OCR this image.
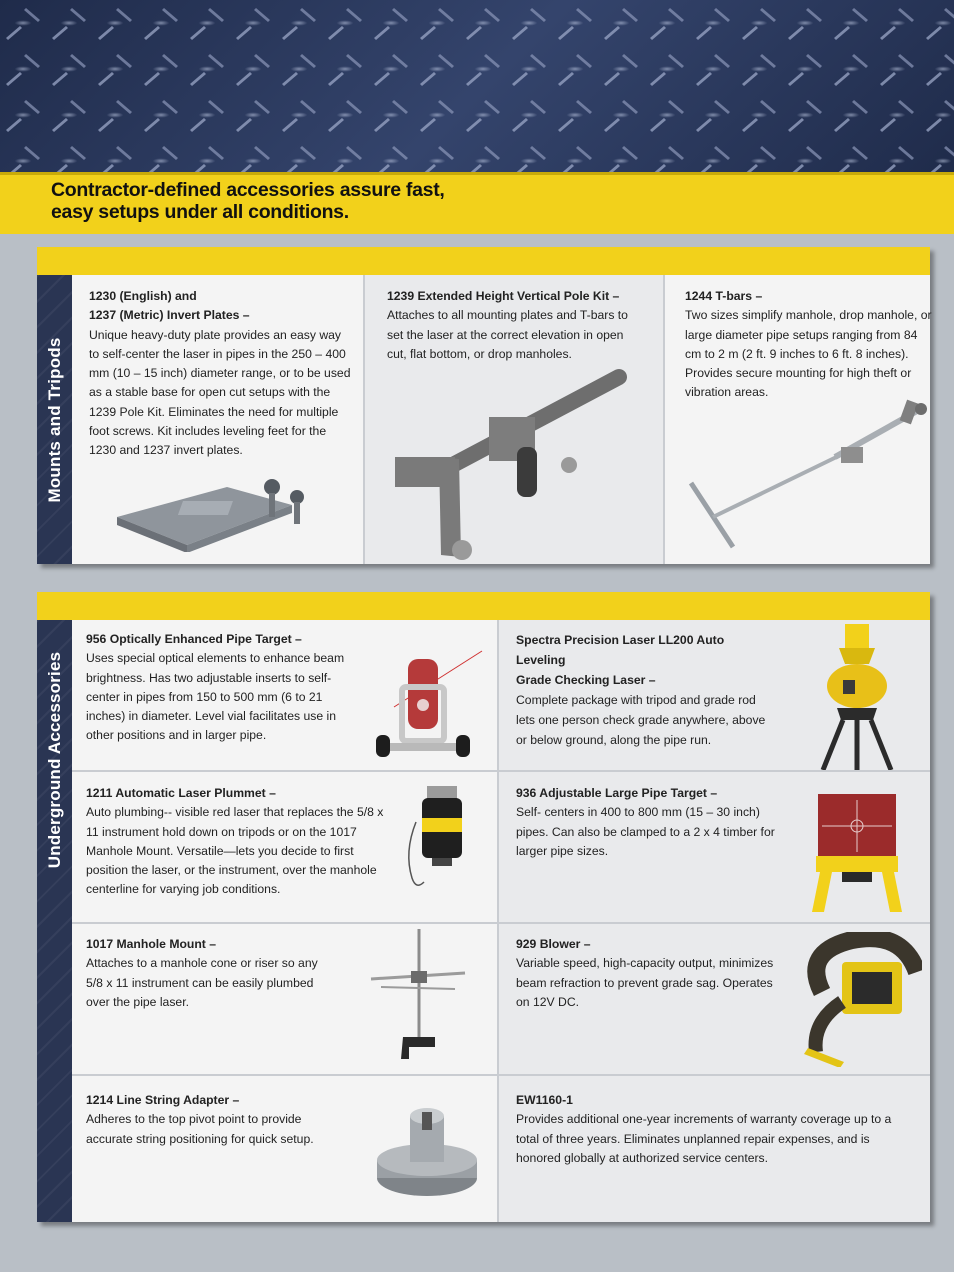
Contractor-defined accessories assure fast,
easy setups under all conditions.
Mounts and Tripods
1230 (English) and
1237 (Metric) Invert Plates –
Unique heavy-duty plate provides an easy way to self-center the laser in pipes in the 250 – 400 mm (10 – 15 inch) diameter range, or to be used as a stable base for open cut setups with the 1239 Pole Kit. Eliminates the need for multiple foot screws. Kit includes leveling feet for the 1230 and 1237 invert plates.
1239 Extended Height Vertical Pole Kit –
Attaches to all mounting plates and T-bars to set the laser at the correct elevation in open cut, flat bottom, or drop manholes.
1244 T-bars –
Two sizes simplify manhole, drop manhole, or large diameter pipe setups ranging from 84 cm to 2 m (2 ft. 9 inches to 6 ft. 8 inches). Provides secure mounting for high theft or vibration areas.
Underground Accessories
956 Optically Enhanced Pipe Target –
Uses special optical elements to enhance beam brightness. Has two adjustable inserts to self-center in pipes from 150 to 500 mm (6 to 21 inches) in diameter. Level vial facilitates use in other positions and in larger pipe.
Spectra Precision Laser LL200 Auto Leveling
Grade Checking Laser –
Complete package with tripod and grade rod lets one person check grade anywhere, above or below ground, along the pipe run.
1211 Automatic Laser Plummet –
Auto plumbing-- visible red laser that replaces the 5/8 x 11 instrument hold down on tripods or on the 1017 Manhole Mount. Versatile—lets you decide to first position the laser, or the instrument, over the manhole centerline for varying job conditions.
936 Adjustable Large Pipe Target –
Self- centers in 400 to 800 mm (15 – 30 inch) pipes. Can also be clamped to a 2 x 4 timber for larger pipe sizes.
1017 Manhole Mount –
Attaches to a manhole cone or riser so any 5/8 x 11 instrument can be easily plumbed over the pipe laser.
929 Blower –
Variable speed, high-capacity output, minimizes beam refraction to prevent grade sag. Operates on 12V DC.
1214 Line String Adapter –
Adheres to the top pivot point to provide accurate string positioning for quick setup.
EW1160-1
Provides additional one-year increments of warranty coverage up to a total of three years. Eliminates unplanned repair expenses, and is honored globally at authorized service centers.
